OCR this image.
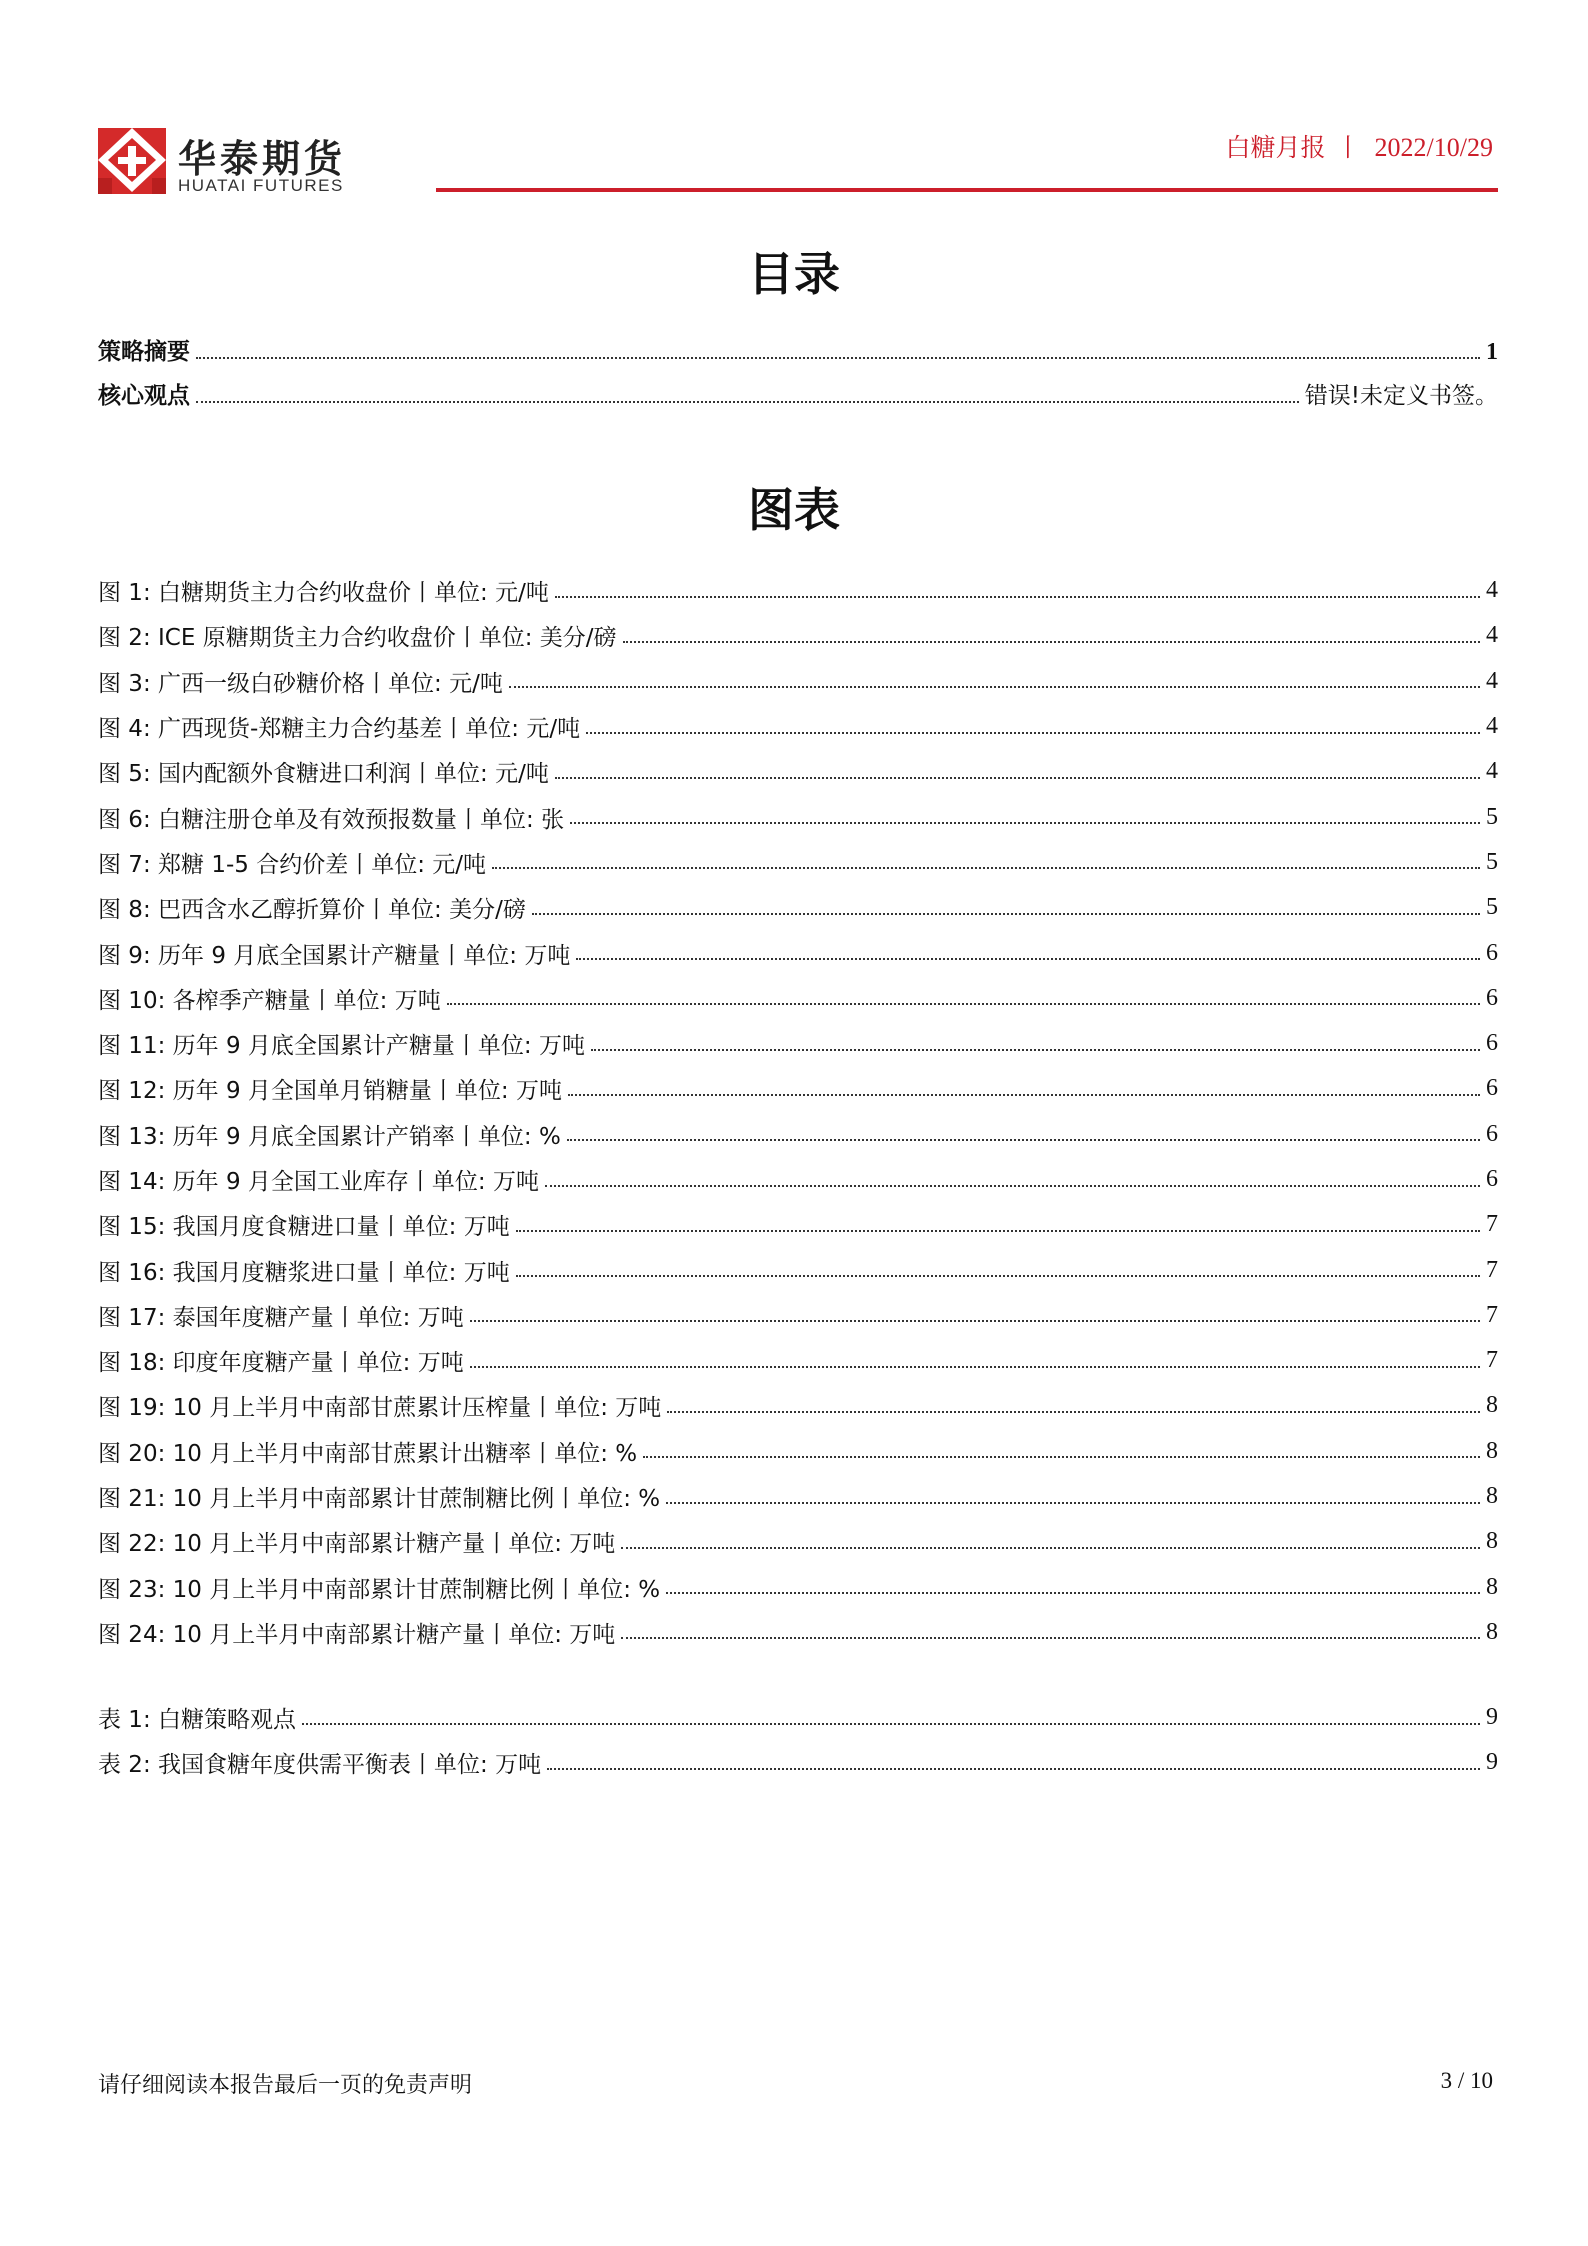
华泰期货
HUATAI FUTURES
白糖月报 丨 2022/10/29
目录
策略摘要	1
核心观点	错误!未定义书签。
图表
图 1: 白糖期货主力合约收盘价丨单位: 元/吨	4
图 2: ICE 原糖期货主力合约收盘价丨单位: 美分/磅	4
图 3: 广西一级白砂糖价格丨单位: 元/吨	4
图 4: 广西现货-郑糖主力合约基差丨单位: 元/吨	4
图 5: 国内配额外食糖进口利润丨单位: 元/吨	4
图 6: 白糖注册仓单及有效预报数量丨单位: 张	5
图 7: 郑糖 1-5 合约价差丨单位: 元/吨	5
图 8: 巴西含水乙醇折算价丨单位: 美分/磅	5
图 9: 历年 9 月底全国累计产糖量丨单位: 万吨	6
图 10: 各榨季产糖量丨单位: 万吨	6
图 11: 历年 9 月底全国累计产糖量丨单位: 万吨	6
图 12: 历年 9 月全国单月销糖量丨单位: 万吨	6
图 13: 历年 9 月底全国累计产销率丨单位: %	6
图 14: 历年 9 月全国工业库存丨单位: 万吨	6
图 15: 我国月度食糖进口量丨单位: 万吨	7
图 16: 我国月度糖浆进口量丨单位: 万吨	7
图 17: 泰国年度糖产量丨单位: 万吨	7
图 18: 印度年度糖产量丨单位: 万吨	7
图 19: 10 月上半月中南部甘蔗累计压榨量丨单位: 万吨	8
图 20: 10 月上半月中南部甘蔗累计出糖率丨单位: %	8
图 21: 10 月上半月中南部累计甘蔗制糖比例丨单位: %	8
图 22: 10 月上半月中南部累计糖产量丨单位: 万吨	8
图 23: 10 月上半月中南部累计甘蔗制糖比例丨单位: %	8
图 24: 10 月上半月中南部累计糖产量丨单位: 万吨	8
表 1: 白糖策略观点	9
表 2: 我国食糖年度供需平衡表丨单位: 万吨	9
请仔细阅读本报告最后一页的免责声明	3 / 10
